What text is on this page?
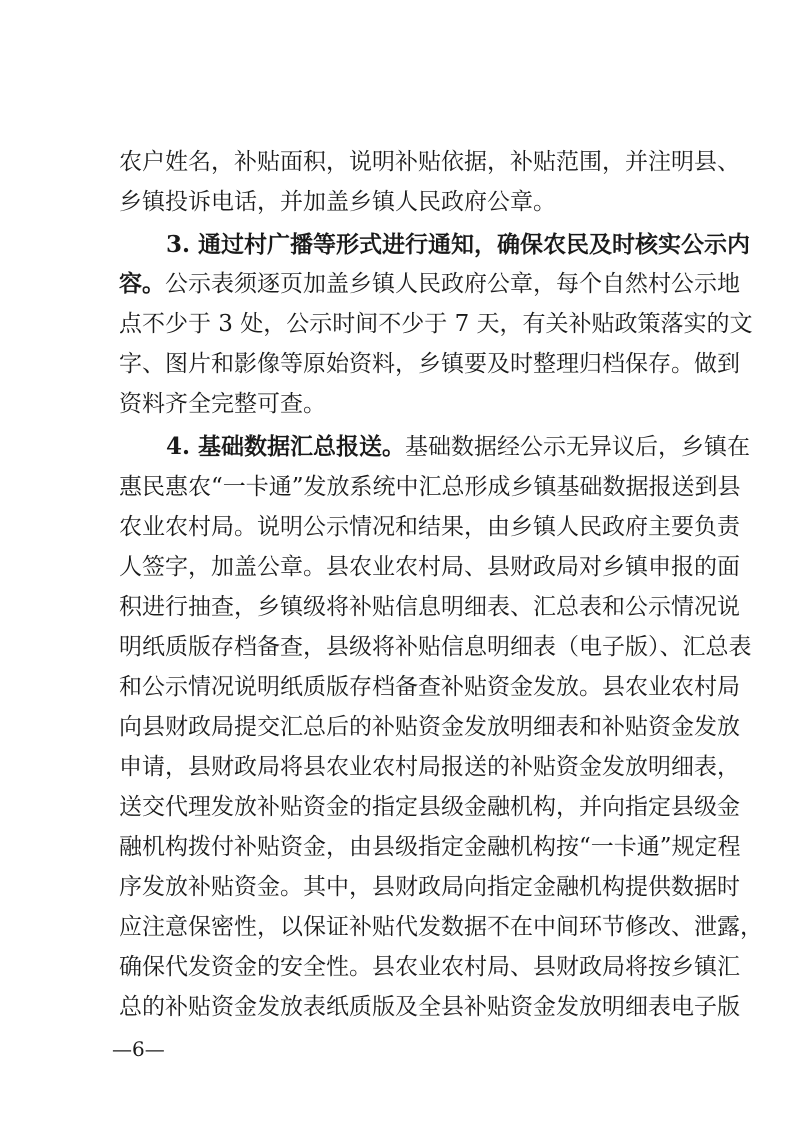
农户姓名，补贴面积，说明补贴依据，补贴范围，并注明县、
乡镇投诉电话，并加盖乡镇人民政府公章。
3. 通过村广播等形式进行通知，确保农民及时核实公示内
容。公示表须逐页加盖乡镇人民政府公章，每个自然村公示地
点不少于 3 处，公示时间不少于 7 天，有关补贴政策落实的文
字、图片和影像等原始资料，乡镇要及时整理归档保存。做到
资料齐全完整可查。
4. 基础数据汇总报送。基础数据经公示无异议后，乡镇在
惠民惠农“一卡通”发放系统中汇总形成乡镇基础数据报送到县
农业农村局。说明公示情况和结果，由乡镇人民政府主要负责
人签字，加盖公章。县农业农村局、县财政局对乡镇申报的面
积进行抽查，乡镇级将补贴信息明细表、汇总表和公示情况说
明纸质版存档备查，县级将补贴信息明细表（电子版）、汇总表
和公示情况说明纸质版存档备查补贴资金发放。县农业农村局
向县财政局提交汇总后的补贴资金发放明细表和补贴资金发放
申请，县财政局将县农业农村局报送的补贴资金发放明细表，
送交代理发放补贴资金的指定县级金融机构，并向指定县级金
融机构拨付补贴资金，由县级指定金融机构按“一卡通”规定程
序发放补贴资金。其中，县财政局向指定金融机构提供数据时
应注意保密性，以保证补贴代发数据不在中间环节修改、泄露，
确保代发资金的安全性。县农业农村局、县财政局将按乡镇汇
总的补贴资金发放表纸质版及全县补贴资金发放明细表电子版
—6—
